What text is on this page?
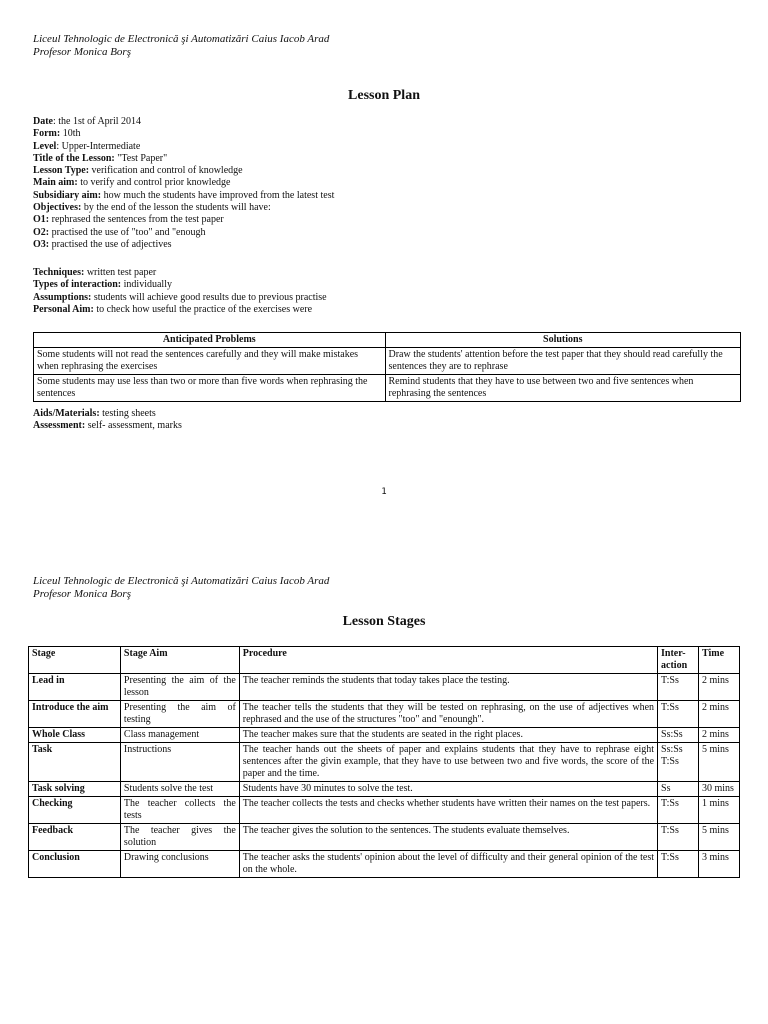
Liceul Tehnologic de Electronică şi Automatizări Caius Iacob Arad
Profesor Monica Borş
Lesson Plan
Date: the 1st of April 2014
Form: 10th
Level: Upper-Intermediate
Title of the Lesson: "Test Paper"
Lesson Type: verification and control of knowledge
Main aim: to verify and control prior knowledge
Subsidiary aim: how much the students have improved from the latest test
Objectives: by the end of the lesson the students will have:
O1: rephrased the sentences from the test paper
O2: practised the use of "too" and "enough
O3: practised the use of adjectives
Techniques: written test paper
Types of interaction: individually
Assumptions: students will achieve good results due to previous practise
Personal Aim: to check how useful the practice of the exercises were
Anticipated Problems	Solutions
Some students will not read the sentences carefully and they will make mistakes when rephrasing the exercises	Draw the students' attention before the test paper that they should read carefully the sentences they are to rephrase
Some students may use less than two or more than five words when rephrasing the sentences	Remind students that they have to use between two and five sentences when rephrasing the sentences
Aids/Materials: testing sheets
Assessment: self- assessment, marks
1
Liceul Tehnologic de Electronică şi Automatizări Caius Iacob Arad
Profesor Monica Borş
Lesson Stages
Stage	Stage Aim	Procedure	Inter-action	Time
Lead in	Presenting the aim of the lesson	The teacher reminds the students that today takes place the testing.	T:Ss	2 mins
Introduce the aim	Presenting the aim of testing	The teacher tells the students that they will be tested on rephrasing, on the use of adjectives when rephrased and the use of the structures "too" and "enoungh".	T:Ss	2 mins
Whole Class	Class management	The teacher makes sure that the students are seated in the right places.	Ss:Ss	2 mins
Task	Instructions	The teacher hands out the sheets of paper and explains students that they have to rephrase eight sentences after the givin example, that they have to use between two and five words, the score of the paper and the time.	Ss:Ss T:Ss	5 mins
Task solving	Students solve the test	Students have 30 minutes to solve the test.	Ss	30 mins
Checking	The teacher collects the tests	The teacher collects the tests and checks whether students have written their names on the test papers.	T:Ss	1 mins
Feedback	The teacher gives the solution	The teacher gives the solution to the sentences. The students evaluate themselves.	T:Ss	5 mins
Conclusion	Drawing conclusions	The teacher asks the students' opinion about the level of difficulty and their general opinion of the test on the whole.	T:Ss	3 mins
